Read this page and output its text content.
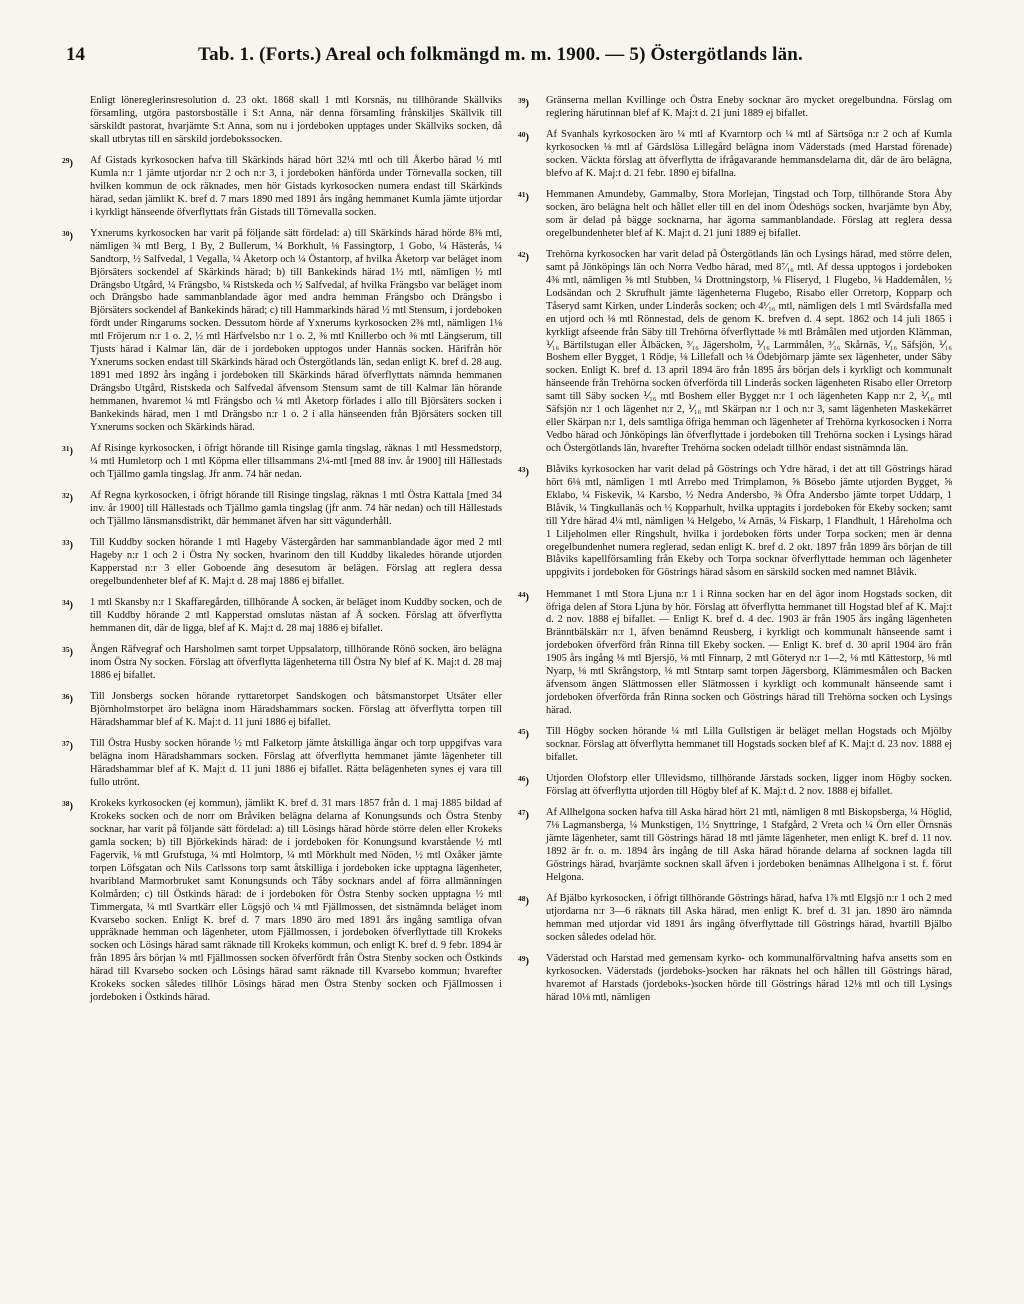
14	Tab. 1. (Forts.) Areal och folkmängd m. m. 1900. — 5) Östergötlands län.
Enligt lönereglerinsresolution d. 23 okt. 1868 skall 1 mtl Korsnäs, nu tillhörande Skällviks församling, utgöra pastorsboställe i S:t Anna, när denna församling frånskiljes Skällvik till särskildt pastorat, hvarjämte S:t Anna, som nu i jordeboken upptages under Skällviks socken, då skall utbrytas till en särskild jordebokssocken.
$^{29}$) Af Gistads kyrkosocken hafva till Skärkinds härad hört 32¼ mtl och till Åkerbo härad ½ mtl Kumla n:r 1 jämte utjordar n:r 2 och n:r 3, i jordeboken hänförda under Törnevalla socken, till hvilken kommun de ock räknades, men hör Gistads kyrkosocken numera endast till Skärkinds härad, sedan jämlikt K. bref d. 7 mars 1890 med 1891 års ingång hemmanet Kumla jämte utjordar i kyrkligt hänseende öfverflyttats från Gistads till Törnevalla socken.
$^{30}$) Yxnerums kyrkosocken har varit på följande sätt fördelad: a) till Skärkinds härad hörde 8⅜ mtl, nämligen ¾ mtl Berg, 1 By, 2 Bullerum, ¼ Borkhult, ⅛ Fassingtorp, 1 Gobo, ¼ Hästerås, ¼ Sandtorp, ½ Salfvedal, 1 Vegalla, ¼ Åketorp och ¼ Östantorp, af hvilka Åketorp var beläget inom Björsäters sockendel af Skärkinds härad; b) till Bankekinds härad 1½ mtl, nämligen ½ mtl Drängsbo Utgård, ¼ Frängsbo, ¼ Ristskeda och ½ Salfvedal, af hvilka Frängsbo var beläget inom och Drängsbo hade sammanblandade ägor med andra hemman Frängsbo och Drängsbo i Björsäters sockendel af Bankekinds härad; c) till Hammarkinds härad ½ mtl Stensum, i jordeboken fördt under Ringarums socken. Dessutom hörde af Yxnerums kyrkosocken 2⅜ mtl, nämligen 1⅛ mtl Fröjerum n:r 1 o. 2, ½ mtl Härfvelsbo n:r 1 o. 2, ⅜ mtl Knillerbo och ⅜ mtl Längserum, till Tjusts härad i Kalmar län, där de i jordeboken upptogos under Hannäs socken. Härifrån hör Yxnerums socken endast till Skärkinds härad och Östergötlands län, sedan enligt K. bref d. 28 aug. 1891 med 1892 års ingång i jordeboken till Skärkinds härad öfverflyttats nämnda hemmanen Drängsbo Utgård, Ristskeda och Salfvedal äfvensom Stensum samt de till Kalmar län hörande hemmanen, hvaremot ¼ mtl Frängsbo och ¼ mtl Åketorp förlades i allo till Björsäters socken i Bankekinds härad, men 1 mtl Drängsbo n:r 1 o. 2 i alla hänseenden från Björsäters socken till Yxnerums socken och Skärkinds härad.
$^{31}$) Af Risinge kyrkosocken, i öfrigt hörande till Risinge gamla tingslag, räknas 1 mtl Hessmedstorp, ¼ mtl Humletorp och 1 mtl Köpma eller tillsammans 2¼-mtl [med 88 inv. år 1900] till Hällestads och Tjällmo gamla tingslag. Jfr anm. 74 här nedan.
$^{32}$) Af Regna kyrkosocken, i öfrigt hörande till Risinge tingslag, räknas 1 mtl Östra Kattala [med 34 inv. år 1900] till Hällestads och Tjällmo gamla tingslag (jfr anm. 74 här nedan) och till Hällestads och Tjällmo länsmansdistrikt, där hemmanet äfven har sitt vägunderhåll.
$^{33}$) Till Kuddby socken hörande 1 mtl Hageby Västergården har sammanblandade ägor med 2 mtl Hageby n:r 1 och 2 i Östra Ny socken, hvarinom den till Kuddby likaledes hörande utjorden Kapperstad n:r 3 eller Goboende äng desesutom är belägen. Förslag att reglera dessa oregelbundenheter blef af K. Maj:t d. 28 maj 1886 ej bifallet.
$^{34}$) 1 mtl Skansby n:r 1 Skaffaregården, tillhörande Å socken, är beläget inom Kuddby socken, och de till Kuddby hörande 2 mtl Kapperstad omslutas nästan af Å socken. Förslag att öfverflytta hemmanen dit, där de ligga, blef af K. Maj:t d. 28 maj 1886 ej bifallet.
$^{35}$) Ängen Räfvegraf och Harsholmen samt torpet Uppsalatorp, tillhörande Rönö socken, äro belägna inom Östra Ny socken. Förslag att öfverflytta lägenheterna till Östra Ny blef af K. Maj:t d. 28 maj 1886 ej bifallet.
$^{36}$) Till Jonsbergs socken hörande ryttaretorpet Sandskogen och båtsmanstorpet Utsäter eller Björnholmstorpet äro belägna inom Häradshammars socken. Förslag att öfverflytta torpen till Häradshammar blef af K. Maj:t d. 11 juni 1886 ej bifallet.
$^{37}$) Till Östra Husby socken hörande ½ mtl Falketorp jämte åtskilliga ängar och torp uppgifvas vara belägna inom Häradshammars socken. Förslag att öfverflytta hemmanet jämte lägenheter till Häradshammar blef af K. Maj:t d. 11 juni 1886 ej bifallet. Rätta belägenheten synes ej vara till fullo utrönt.
$^{38}$) Krokeks kyrkosocken (ej kommun), jämlikt K. bref d. 31 mars 1857 från d. 1 maj 1885 bildad af Krokeks socken och de norr om Bråviken belägna delarna af Konungsunds och Östra Stenby socknar, har varit på följande sätt fördelad: a) till Lösings härad hörde större delen eller Krokeks gamla socken; b) till Björkekinds härad: de i jordeboken för Konungsund kvarstående ½ mtl Fagervik, ⅛ mtl Grufstuga, ¼ mtl Holmtorp, ¼ mtl Mörkhult med Nöden, ½ mtl Oxåker jämte torpen Löfsgatan och Nils Carlssons torp samt åtskilliga i jordeboken icke upptagna lägenheter, hvaribland Marmorbruket samt Konungsunds och Tåby socknars andel af förra allmänningen Kolmården; c) till Östkinds härad: de i jordeboken för Östra Stenby socken upptagna ½ mtl Timmergata, ¼ mtl Svartkärr eller Lögsjö och ¼ mtl Fjällmossen, det sistnämnda beläget inom Kvarsebo socken. Enligt K. bref d. 7 mars 1890 äro med 1891 års ingång samtliga ofvan uppräknade hemman och lägenheter, utom Fjällmossen, i jordeboken öfverflyttade till Krokeks socken och Lösings härad samt räknade till Krokeks kommun, och enligt K. bref d. 9 febr. 1894 är från 1895 års början ¼ mtl Fjällmossen socken öfverfördt från Östra Stenby socken och Östkinds härad till Kvarsebo socken och Lösings härad samt räknade till Kvarsebo kommun; hvarefter Krokeks socken således tillhör Lösings härad men Östra Stenby socken och Fjällmossen i jordeboken i Östkinds härad.
$^{39}$) Gränserna mellan Kvillinge och Östra Eneby socknar äro mycket oregelbundna. Förslag om reglering härutinnan blef af K. Maj:t d. 21 juni 1889 ej bifallet.
$^{40}$) Af Svanhals kyrkosocken äro ¼ mtl af Kvarntorp och ¼ mtl af Särtsöga n:r 2 och af Kumla kyrkosocken ⅛ mtl af Gärdslösa Lillegård belägna inom Väderstads (med Harstad förenade) socken. Väckta förslag att öfverflytta de ifrågavarande hemmansdelarna dit, där de äro belägna, blefvo af K. Maj:t d. 21 febr. 1890 ej bifallna.
$^{41}$) Hemmanen Amundeby, Gammalby, Stora Morlejan, Tingstad och Torp, tillhörande Stora Åby socken, äro belägna helt och hållet eller till en del inom Ödeshögs socken, hvarjämte byn Åby, som är delad på bägge socknarna, har ägorna sammanblandade. Förslag att reglera dessa oregelbundenheter blef af K. Maj:t d. 21 juni 1889 ej bifallet.
$^{42}$) Trehörna kyrkosocken har varit delad på Östergötlands län och Lysings härad, med större delen, samt på Jönköpings län och Norra Vedbo härad, med 8⁷⁄₁₆ mtl. Af dessa upptogos i jordeboken 4⅜ mtl, nämligen ⅝ mtl Stubben, ¼ Drottningstorp, ⅛ Fliseryd, 1 Flugebo, ⅛ Haddemålen, ½ Lodsändan och 2 Skrufhult jämte lägenheterna Flugebo, Risabo eller Orretorp, Kopparp och Tåseryd samt Kirken, under Linderås socken; och 4¹⁄₁₆ mtl, nämligen dels 1 mtl Svärdsfalla med en utjord och ⅛ mtl Rönnestad, dels de genom K. brefven d. 4 sept. 1862 och 14 juli 1865 i kyrkligt afseende från Säby till Trehörna öfverflyttade ⅛ mtl Bråmålen med utjorden Klämman, ⅟₁₆ Bärtilstugan eller Älbäcken, ³⁄₁₆ Jägersholm, ⅟₁₆ Larmmålen, ³⁄₁₆ Skårnäs, ⅟₁₆ Säfsjön, ⅟₁₆ Boshem eller Bygget, 1 Rödje, ⅛ Lillefall och ⅛ Ödebjörnarp jämte sex lägenheter, under Säby socken. Enligt K. bref d. 13 april 1894 äro från 1895 års början dels i kyrkligt och kommunalt hänseende från Trehörna socken öfverförda till Linderås socken lägenheten Risabo eller Orretorp samt till Säby socken ⅟₁₆ mtl Boshem eller Bygget n:r 1 och lägenheten Kapp n:r 2, ⅟₁₆ mtl Säfsjön n:r 1 och lägenhet n:r 2, ⅟₁₆ mtl Skärpan n:r 1 och n:r 3, samt lägenheten Maskekärret eller Skärpan n:r 1, dels samtliga öfriga hemman och lägenheter af Trehörna kyrkosocken i Norra Vedbo härad och Jönköpings län öfverflyttade i jordeboken till Trehörna socken i Lysings härad och Östergötlands län, hvarefter Trehörna socken odeladt tillhör endast sistnämnda län.
$^{43}$) Blåviks kyrkosocken har varit delad på Göstrings och Ydre härad, i det att till Göstrings härad hört 6⅛ mtl, nämligen 1 mtl Arrebo med Trimplamon, ⅝ Bösebo jämte utjorden Bygget, ⅝ Eklabo, ¼ Fiskevik, ¼ Karsbo, ½ Nedra Andersbo, ⅜ Öfra Andersbo jämte torpet Uddarp, 1 Blåvik, ¼ Tingkullanäs och ½ Kopparhult, hvilka upptagits i jordeboken för Ekeby socken; samt till Ydre härad 4¼ mtl, nämligen ¼ Helgebo, ¼ Arnäs, ¼ Fiskarp, 1 Flandhult, 1 Håreholma och 1 Liljeholmen eller Ringshult, hvilka i jordeboken förts under Torpa socken; men är denna oregelbundenhet numera reglerad, sedan enligt K. bref d. 2 okt. 1897 från 1899 års början de till Blåviks kapellförsamling från Ekeby och Torpa socknar öfverflyttade hemman och lägenheter uppgivits i jordeboken för Göstrings härad såsom en särskild socken med namnet Blåvik.
$^{44}$) Hemmanet 1 mtl Stora Ljuna n:r 1 i Rinna socken har en del ägor inom Hogstads socken, dit öfriga delen af Stora Ljuna by hör. Förslag att öfverflytta hemmanet till Hogstad blef af K. Maj:t d. 2 nov. 1888 ej bifallet. — Enligt K. bref d. 4 dec. 1903 är från 1905 års ingång lägenheten Bränntbälskärr n:r 1, äfven benämnd Reusberg, i kyrkligt och kommunalt hänseende samt i jordeboken öfverförd från Rinna till Ekeby socken. — Enligt K. bref d. 30 april 1904 äro från 1905 års ingång ⅛ mtl Bjersjö, ⅛ mtl Finnarp, 2 mtl Göteryd n:r 1—2, ⅛ mtl Kättestorp, ⅛ mtl Nyarp, ⅛ mtl Skrångstorp, ⅛ mtl Stntarp samt torpen Jägersborg, Klämmesmålen och Backen äfvensom ängen Slättmossen eller Slätmossen i kyrkligt och kommunalt hänseende samt i jordeboken öfverförda från Rinna socken och Göstrings härad till Trehörna socken och Lysings härad.
$^{45}$) Till Högby socken hörande ¼ mtl Lilla Gullstigen är beläget mellan Hogstads och Mjölby socknar. Förslag att öfverflytta hemmanet till Hogstads socken blef af K. Maj:t d. 23 nov. 1888 ej bifallet.
$^{46}$) Utjorden Olofstorp eller Ullevidsmo, tillhörande Järstads socken, ligger inom Högby socken. Förslag att öfverflytta utjorden till Högby blef af K. Maj:t d. 2 nov. 1888 ej bifallet.
$^{47}$) Af Allhelgona socken hafva till Aska härad hört 21 mtl, nämligen 8 mtl Biskopsberga, ¼ Höglid, 7⅛ Lagmansberga, ¼ Munkstigen, 1½ Snyttringe, 1 Stafgård, 2 Vreta och ¼ Örn eller Örnsnäs jämte lägenheter, samt till Göstrings härad 18 mtl jämte lägenheter, men enligt K. bref d. 11 nov. 1892 är fr. o. m. 1894 års ingång de till Aska härad hörande delarna af socknen lagda till Göstrings härad, hvarjämte socknen skall äfven i jordeboken benämnas Allhelgona i st. f. förut Helgona.
$^{48}$) Af Bjälbo kyrkosocken, i öfrigt tillhörande Göstrings härad, hafva 1⅞ mtl Elgsjö n:r 1 och 2 med utjordarna n:r 3—6 räknats till Aska härad, men enligt K. bref d. 31 jan. 1890 äro nämnda hemman med utjordar vid 1891 års ingång öfverflyttade till Göstrings härad, hvartill Bjälbo socken således odelad hör.
$^{49}$) Väderstad och Harstad med gemensam kyrko- och kommunalförvaltning hafva ansetts som en kyrkosocken. Väderstads (jordeboks-)socken har räknats hel och hållen till Göstrings härad, hvaremot af Harstads (jordeboks-)socken hörde till Göstrings härad 12⅛ mtl och till Lysings härad 10⅛ mtl, nämligen
